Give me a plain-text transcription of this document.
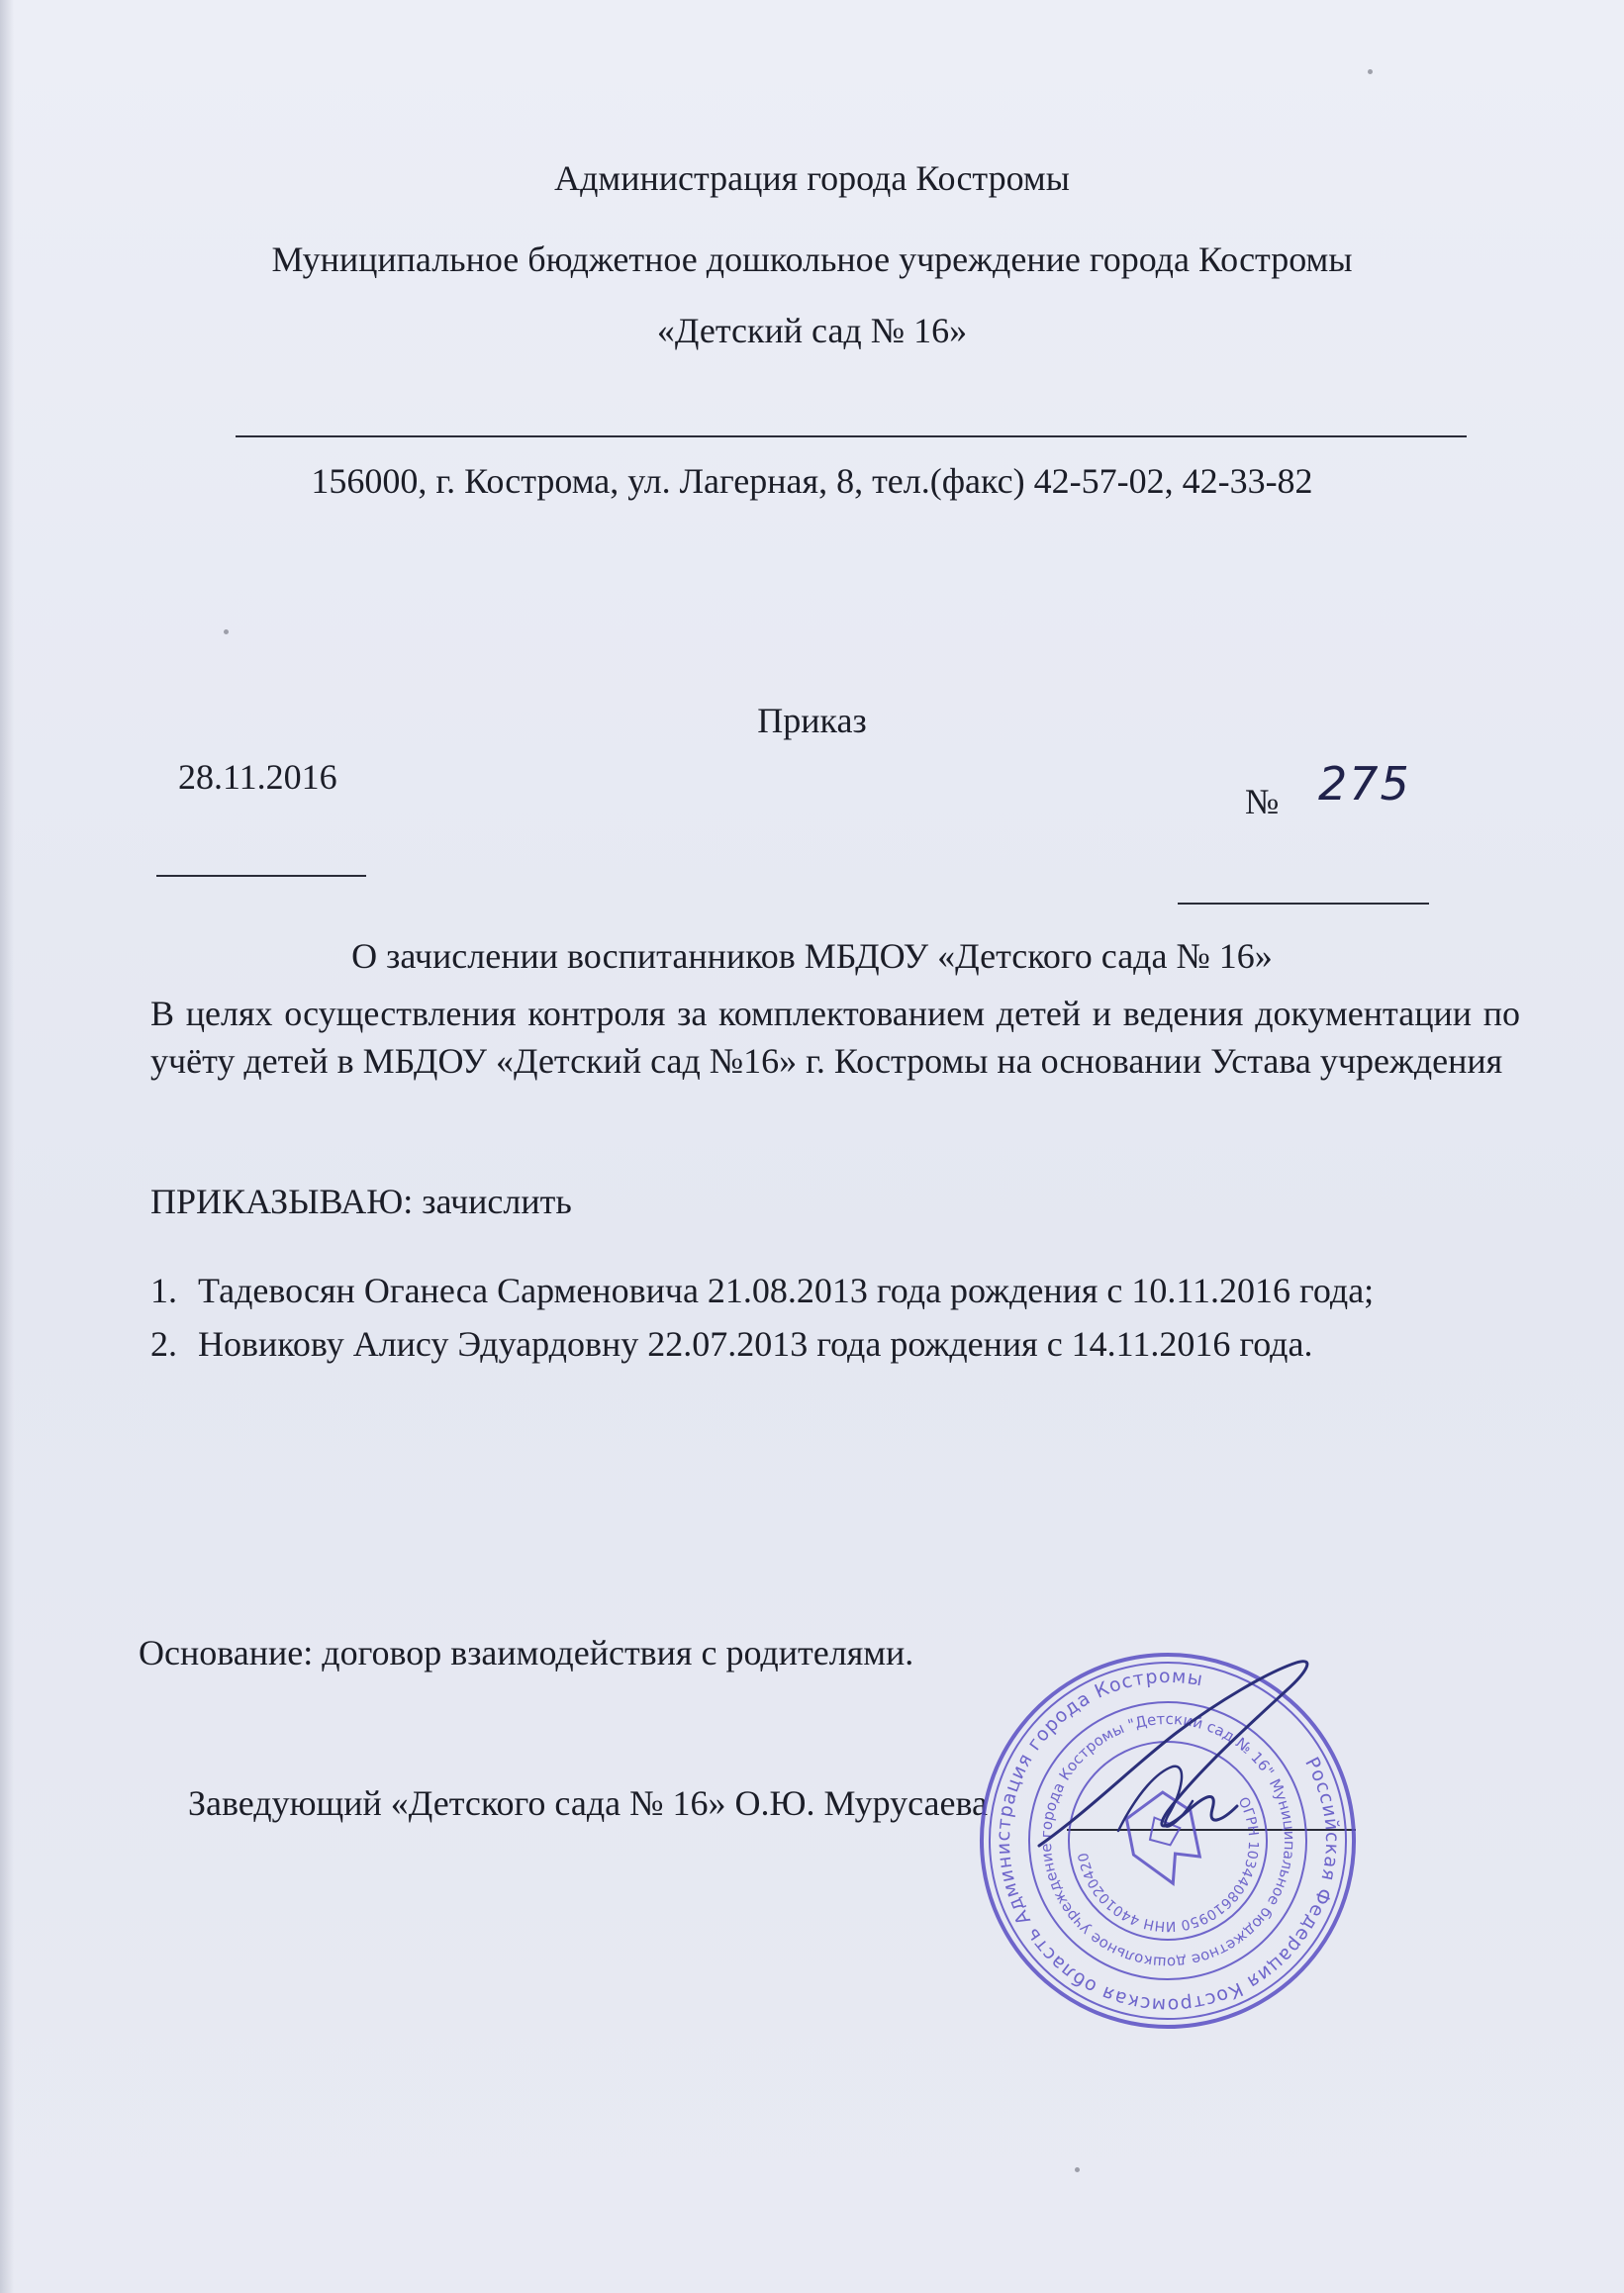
Администрация города Костромы
Муниципальное бюджетное дошкольное учреждение города Костромы
«Детский сад № 16»
156000, г. Кострома, ул. Лагерная, 8, тел.(факс) 42-57-02, 42-33-82
Приказ
28.11.2016
№ 275
О зачислении воспитанников МБДОУ «Детского сада № 16»
В целях осуществления контроля за комплектованием детей и ведения документации по учёту детей в МБДОУ «Детский сад №16» г. Костромы на основании Устава учреждения
ПРИКАЗЫВАЮ: зачислить
1. Тадевосян Оганеса Сарменовича 21.08.2013 года рождения с 10.11.2016 года;
2. Новикову Алису Эдуардовну 22.07.2013 года рождения с 14.11.2016 года.
Основание: договор взаимодействия с родителями.
Заведующий «Детского сада № 16» О.Ю. Мурусаева
Российская Федерация Костромская область Администрация города Костромы
Муниципальное бюджетное дошкольное учреждение города Костромы "Детский сад № 16"
ОГРН 1034408610950 ИНН 4401020420
